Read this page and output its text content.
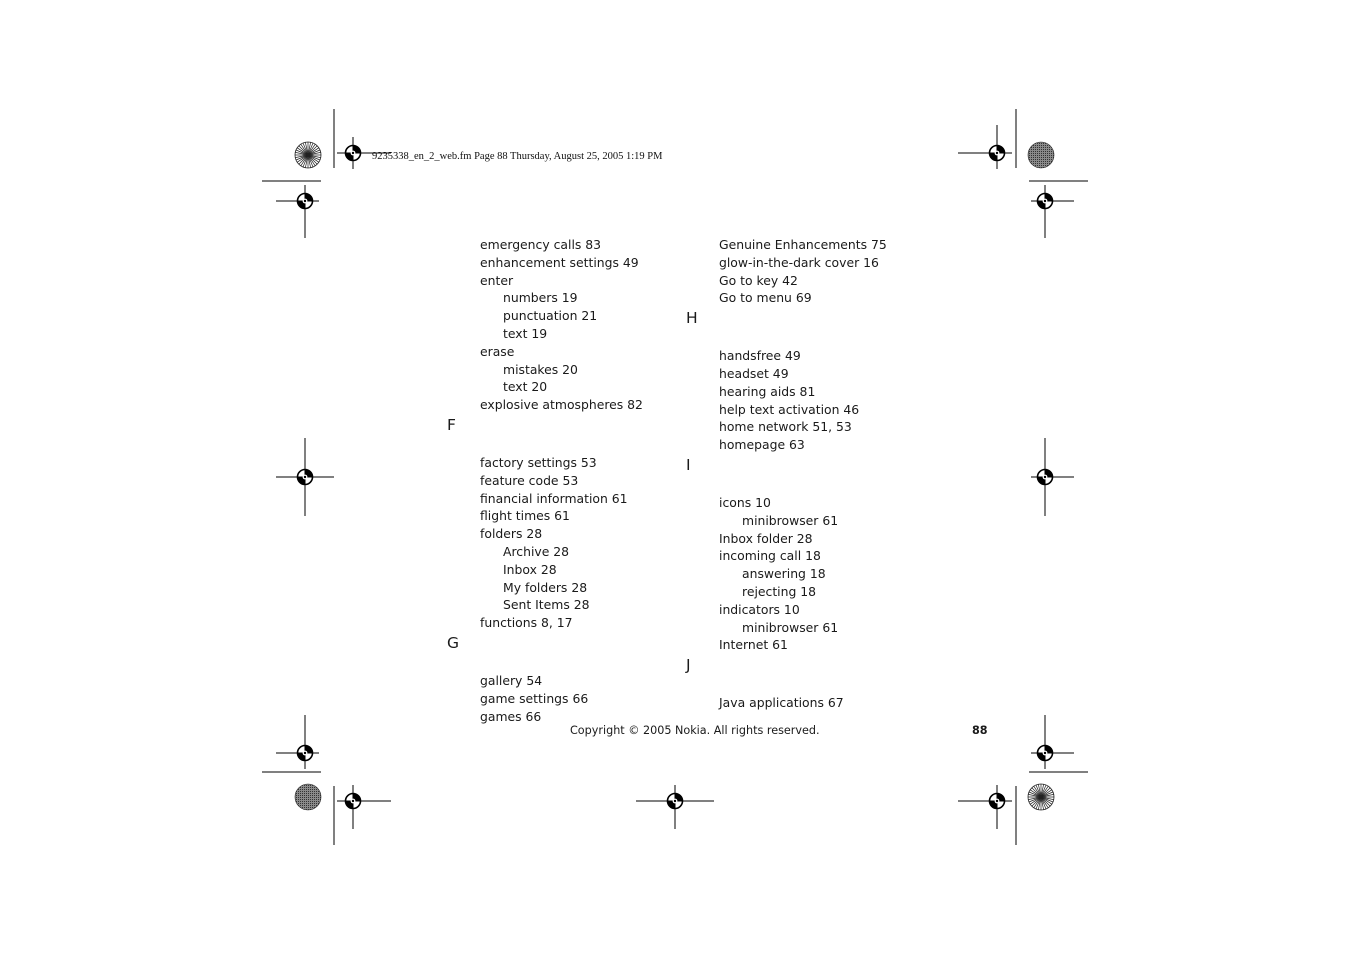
9235338_en_2_web.fm Page 88 Thursday, August 25, 2005 1:19 PM
emergency calls 83
enhancement settings 49
enter
numbers 19
punctuation 21
text 19
erase
mistakes 20
text 20
explosive atmospheres 82
F
factory settings 53
feature code 53
financial information 61
flight times 61
folders 28
Archive 28
Inbox 28
My folders 28
Sent Items 28
functions 8, 17
G
gallery 54
game settings 66
games 66
Genuine Enhancements 75
glow-in-the-dark cover 16
Go to key 42
Go to menu 69
H
handsfree 49
headset 49
hearing aids 81
help text activation 46
home network 51, 53
homepage 63
I
icons 10
minibrowser 61
Inbox folder 28
incoming call 18
answering 18
rejecting 18
indicators 10
minibrowser 61
Internet 61
J
Java applications 67
Copyright © 2005 Nokia. All rights reserved.	88
